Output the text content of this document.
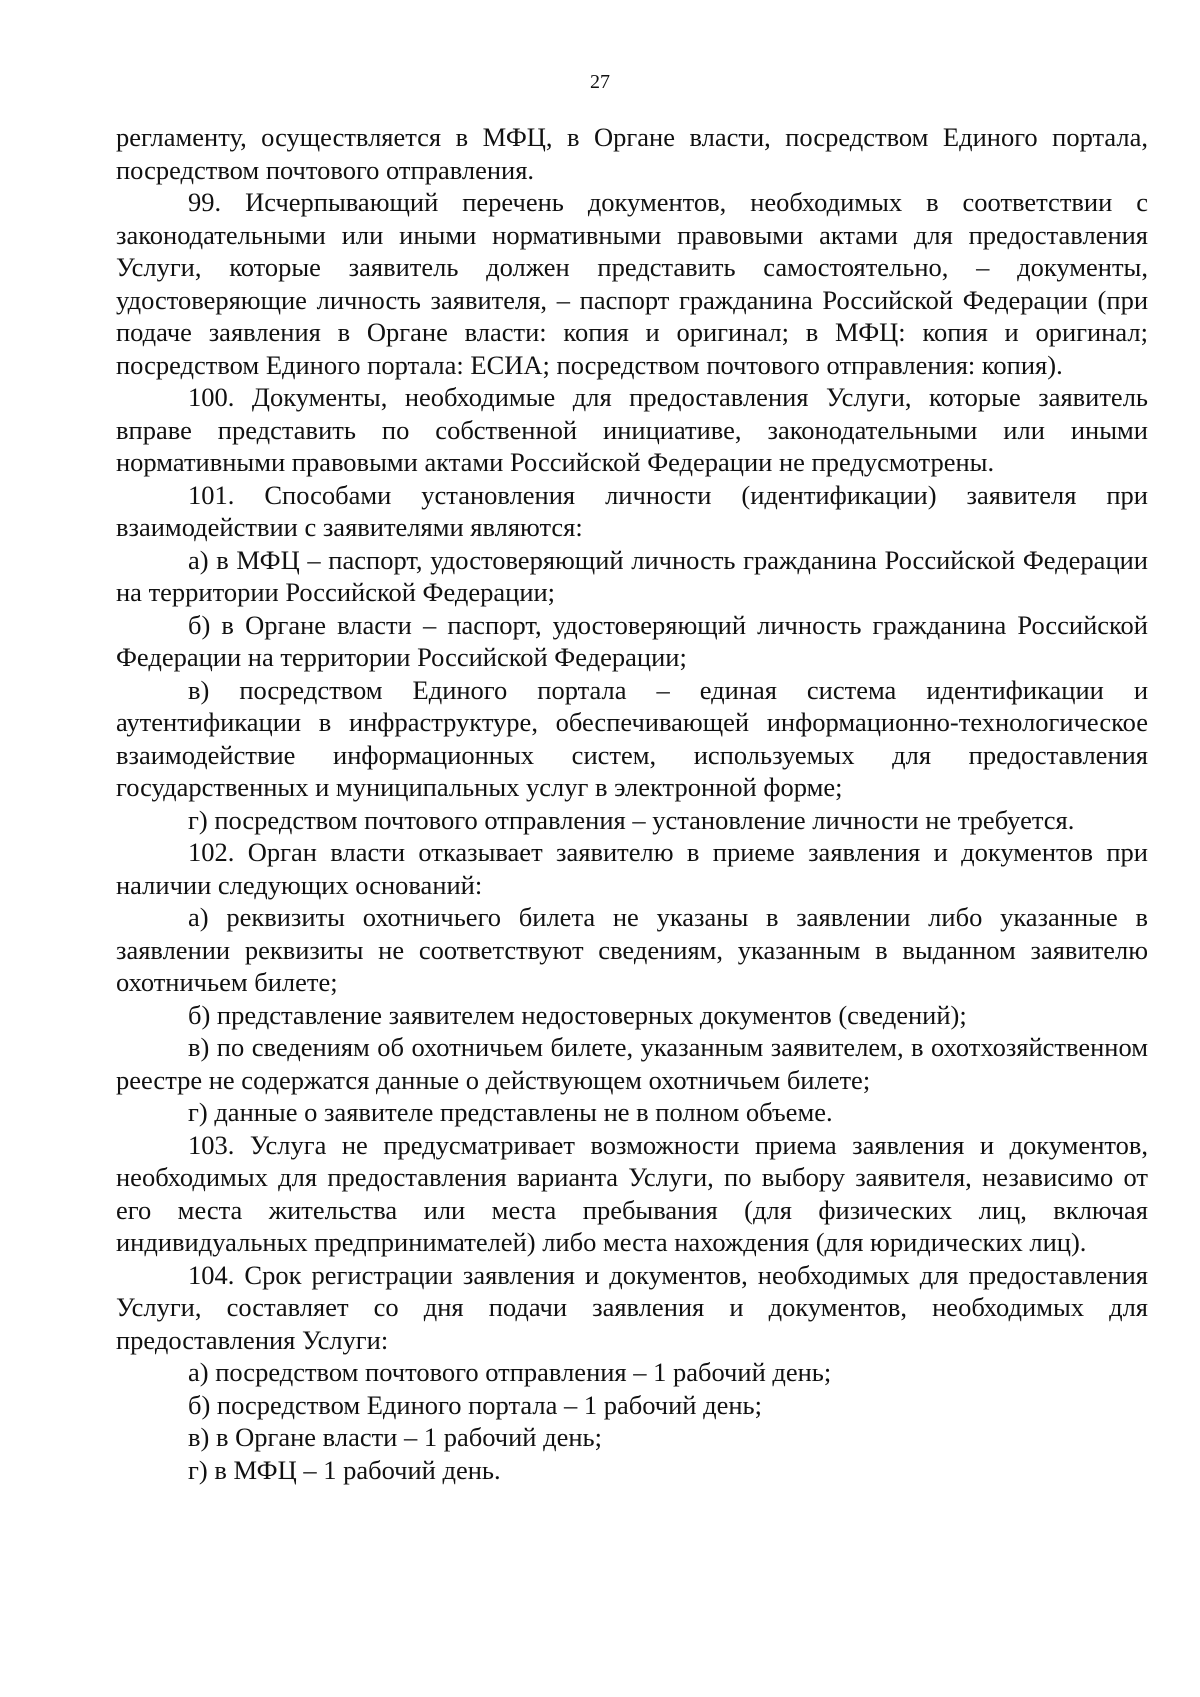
27

регламенту, осуществляется в МФЦ, в Органе власти, посредством Единого портала, посредством почтового отправления.

99. Исчерпывающий перечень документов, необходимых в соответствии с законодательными или иными нормативными правовыми актами для предоставления Услуги, которые заявитель должен представить самостоятельно, – документы, удостоверяющие личность заявителя, – паспорт гражданина Российской Федерации (при подаче заявления в Органе власти: копия и оригинал; в МФЦ: копия и оригинал; посредством Единого портала: ЕСИА; посредством почтового отправления: копия).

100. Документы, необходимые для предоставления Услуги, которые заявитель вправе представить по собственной инициативе, законодательными или иными нормативными правовыми актами Российской Федерации не предусмотрены.

101. Способами установления личности (идентификации) заявителя при взаимодействии с заявителями являются:

а) в МФЦ – паспорт, удостоверяющий личность гражданина Российской Федерации на территории Российской Федерации;

б) в Органе власти – паспорт, удостоверяющий личность гражданина Российской Федерации на территории Российской Федерации;

в) посредством Единого портала – единая система идентификации и аутентификации в инфраструктуре, обеспечивающей информационно-технологическое взаимодействие информационных систем, используемых для предоставления государственных и муниципальных услуг в электронной форме;

г) посредством почтового отправления – установление личности не требуется.

102. Орган власти отказывает заявителю в приеме заявления и документов при наличии следующих оснований:

а) реквизиты охотничьего билета не указаны в заявлении либо указанные в заявлении реквизиты не соответствуют сведениям, указанным в выданном заявителю охотничьем билете;

б) представление заявителем недостоверных документов (сведений);

в) по сведениям об охотничьем билете, указанным заявителем, в охотхозяйственном реестре не содержатся данные о действующем охотничьем билете;

г) данные о заявителе представлены не в полном объеме.

103. Услуга не предусматривает возможности приема заявления и документов, необходимых для предоставления варианта Услуги, по выбору заявителя, независимо от его места жительства или места пребывания (для физических лиц, включая индивидуальных предпринимателей) либо места нахождения (для юридических лиц).

104. Срок регистрации заявления и документов, необходимых для предоставления Услуги, составляет со дня подачи заявления и документов, необходимых для предоставления Услуги:

а) посредством почтового отправления – 1 рабочий день;

б) посредством Единого портала – 1 рабочий день;

в) в Органе власти – 1 рабочий день;

г) в МФЦ – 1 рабочий день.
